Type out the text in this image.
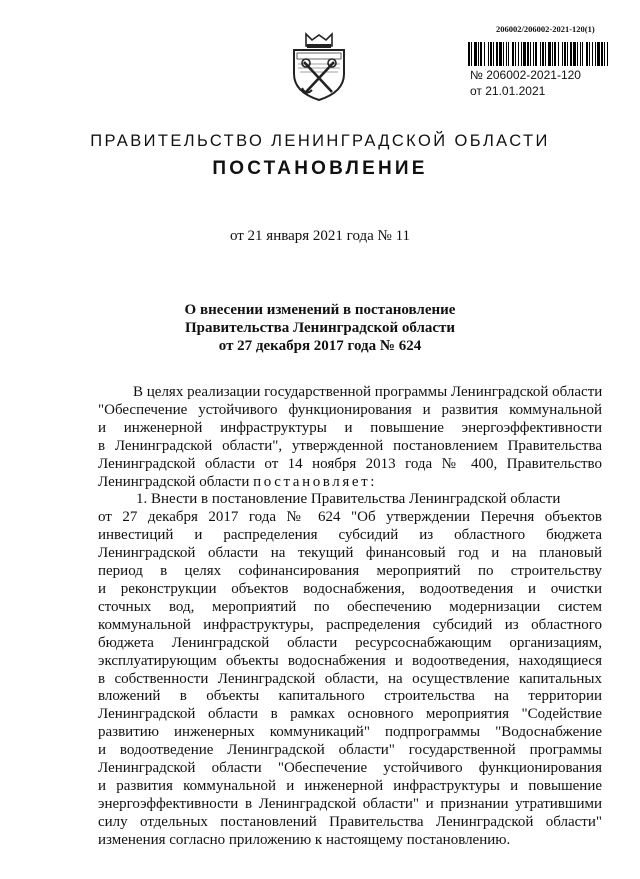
206002/206002-2021-120(1)
№ 206002-2021-120
от 21.01.2021
ПРАВИТЕЛЬСТВО ЛЕНИНГРАДСКОЙ ОБЛАСТИ
ПОСТАНОВЛЕНИЕ
от 21 января 2021 года № 11
О внесении изменений в постановление
Правительства Ленинградской области
от 27 декабря 2017 года № 624
В целях реализации государственной программы Ленинградской области
"Обеспечение устойчивого функционирования и развития коммунальной
и инженерной инфраструктуры и повышение энергоэффективности
в Ленинградской области", утвержденной постановлением Правительства
Ленинградской области от 14 ноября 2013 года № 400, Правительство
Ленинградской области постановляет:
1. Внести в постановление Правительства Ленинградской области
от 27 декабря 2017 года № 624 "Об утверждении Перечня объектов
инвестиций и распределения субсидий из областного бюджета
Ленинградской области на текущий финансовый год и на плановый
период в целях софинансирования мероприятий по строительству
и реконструкции объектов водоснабжения, водоотведения и очистки
сточных вод, мероприятий по обеспечению модернизации систем
коммунальной инфраструктуры, распределения субсидий из областного
бюджета Ленинградской области ресурсоснабжающим организациям,
эксплуатирующим объекты водоснабжения и водоотведения, находящиеся
в собственности Ленинградской области, на осуществление капитальных
вложений в объекты капитального строительства на территории
Ленинградской области в рамках основного мероприятия "Содействие
развитию инженерных коммуникаций" подпрограммы "Водоснабжение
и водоотведение Ленинградской области" государственной программы
Ленинградской области "Обеспечение устойчивого функционирования
и развития коммунальной и инженерной инфраструктуры и повышение
энергоэффективности в Ленинградской области" и признании утратившими
силу отдельных постановлений Правительства Ленинградской области"
изменения согласно приложению к настоящему постановлению.
